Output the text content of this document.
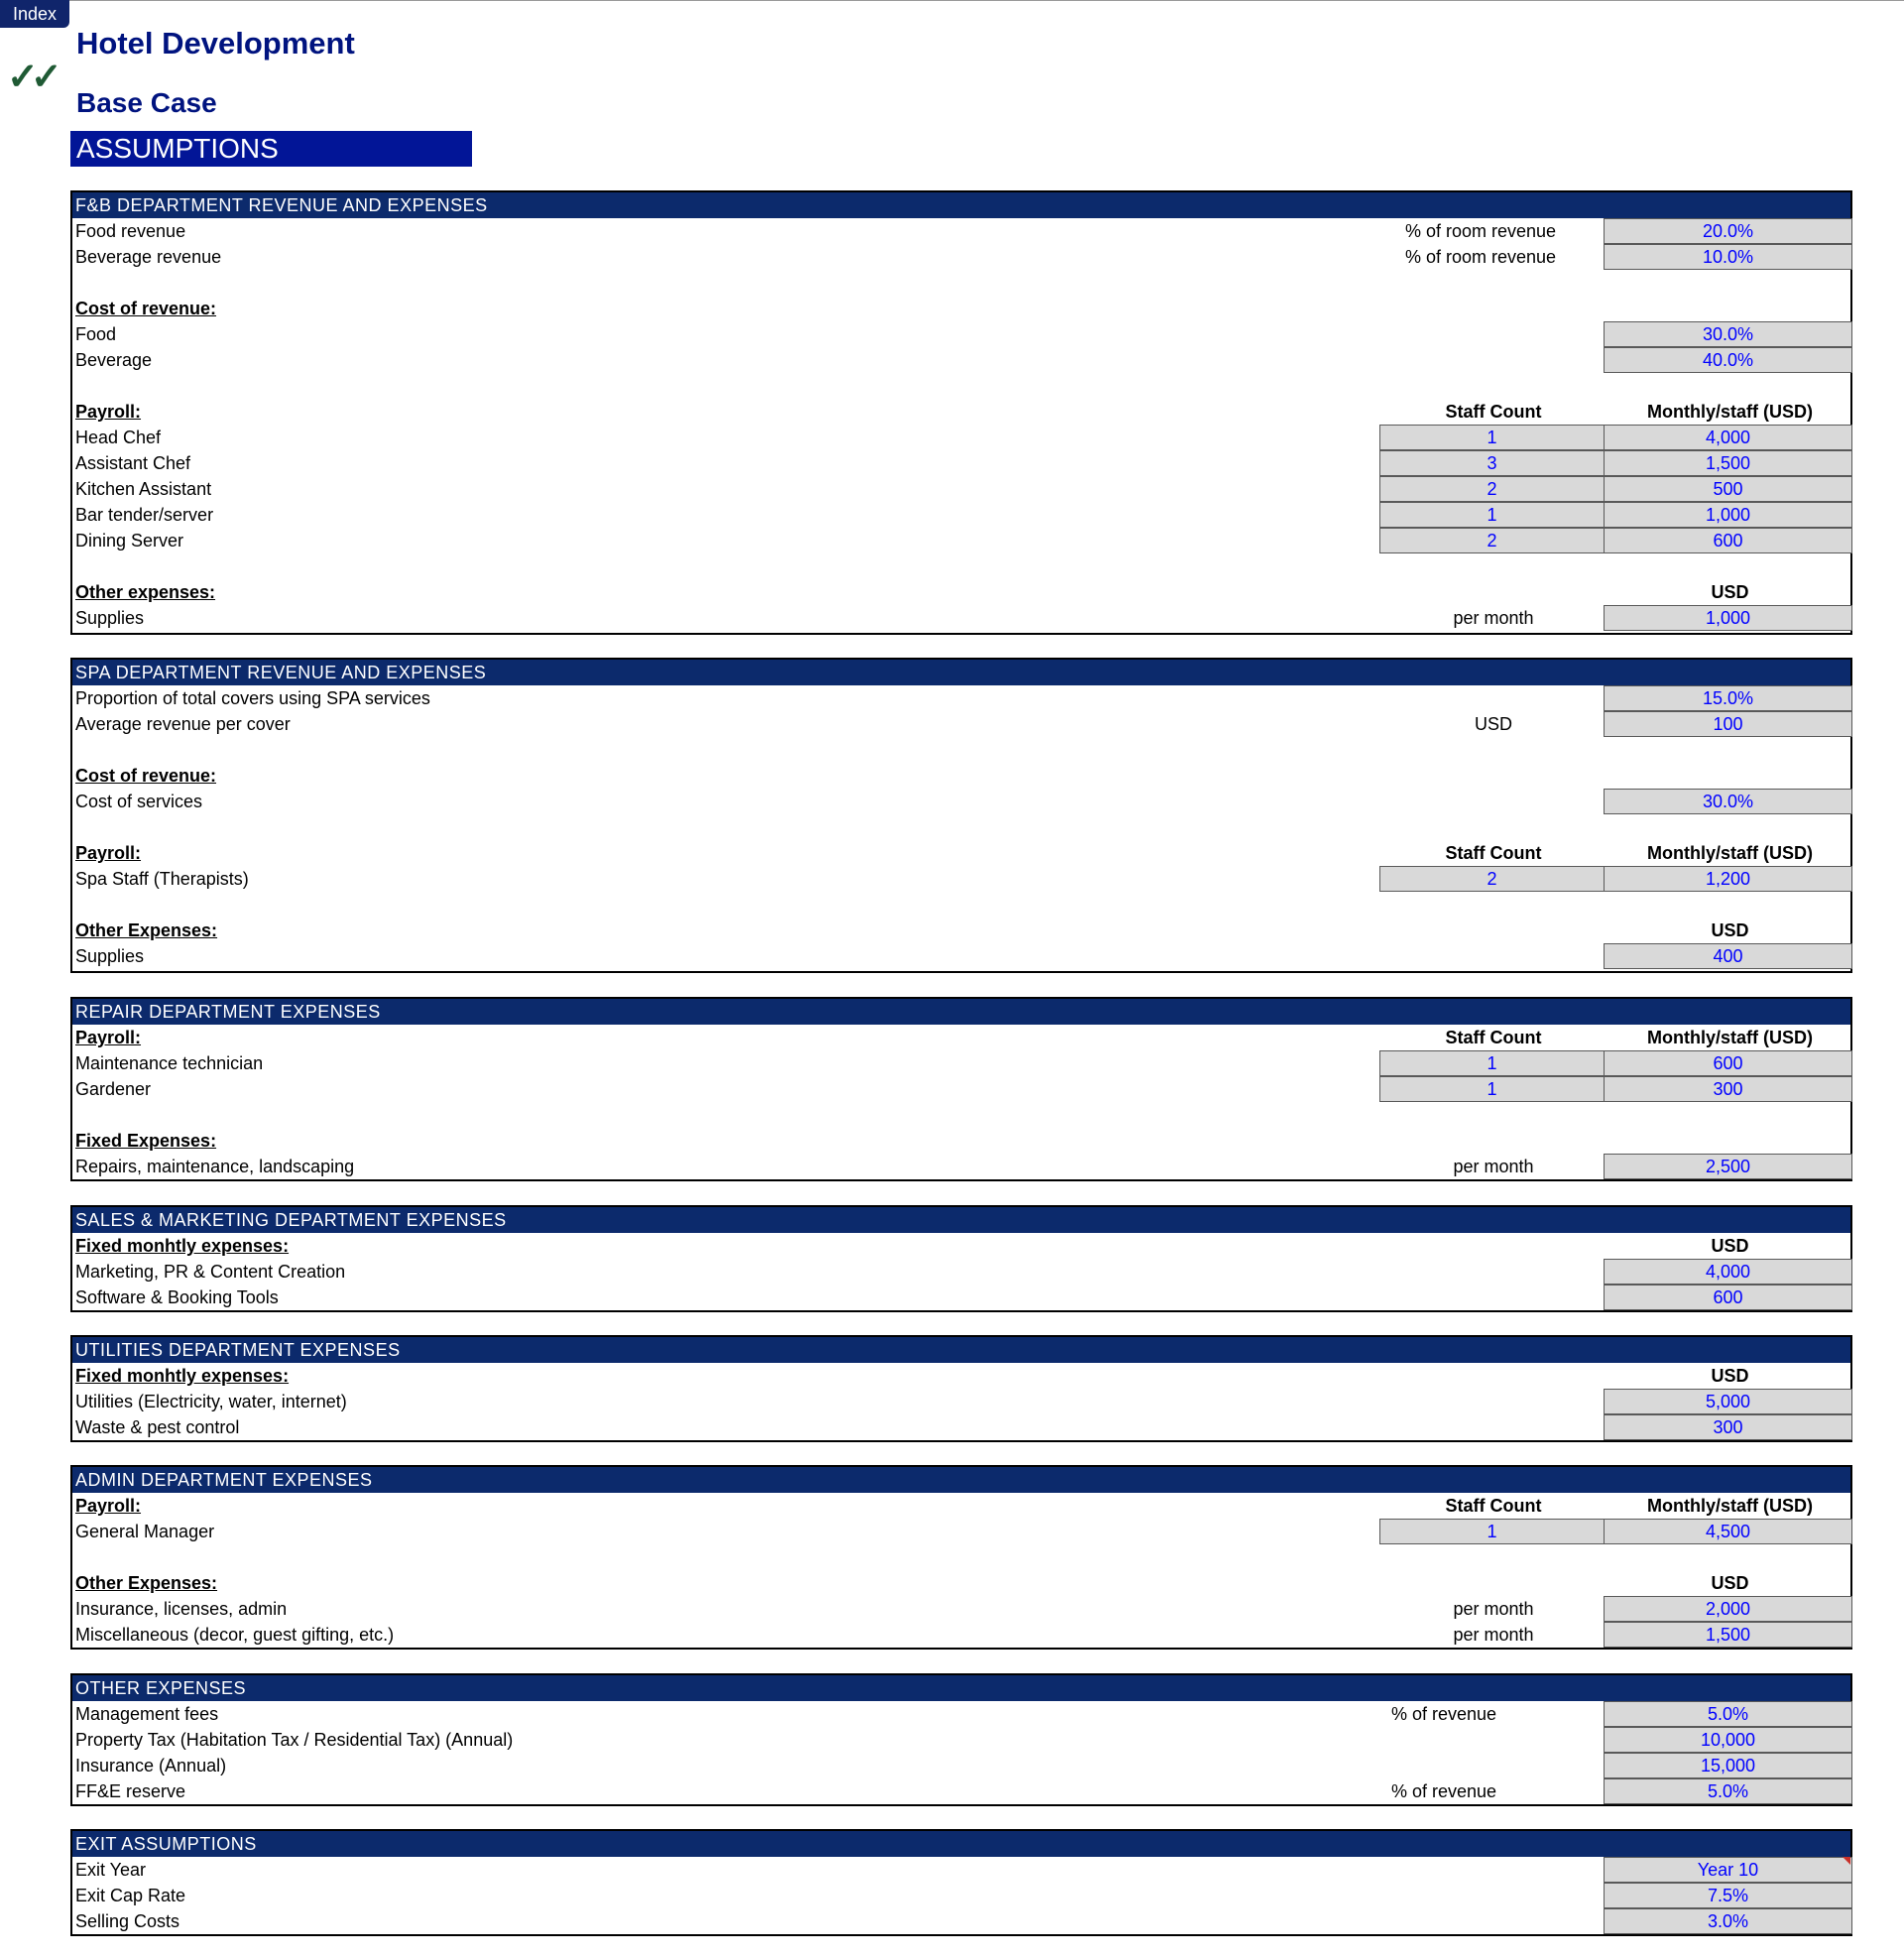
Index
✓✓
Hotel Development
Base Case
ASSUMPTIONS
F&B DEPARTMENT REVENUE AND EXPENSES
Food revenue	% of room revenue	20.0%
Beverage revenue	% of room revenue	10.0%
Cost of revenue:
Food	30.0%
Beverage	40.0%
Payroll:	Staff Count	Monthly/staff (USD)
Head Chef	1	4,000
Assistant Chef	3	1,500
Kitchen Assistant	2	500
Bar tender/server	1	1,000
Dining Server	2	600
Other expenses:	USD
Supplies	per month	1,000
SPA DEPARTMENT REVENUE AND EXPENSES
Proportion of total covers using SPA services	15.0%
Average revenue per cover	USD	100
Cost of revenue:
Cost of services	30.0%
Payroll:	Staff Count	Monthly/staff (USD)
Spa Staff (Therapists)	2	1,200
Other Expenses:	USD
Supplies	400
REPAIR DEPARTMENT EXPENSES
Payroll:	Staff Count	Monthly/staff (USD)
Maintenance technician	1	600
Gardener	1	300
Fixed Expenses:
Repairs, maintenance, landscaping	per month	2,500
SALES & MARKETING DEPARTMENT EXPENSES
Fixed monhtly expenses:	USD
Marketing, PR & Content Creation	4,000
Software & Booking Tools	600
UTILITIES DEPARTMENT EXPENSES
Fixed monhtly expenses:	USD
Utilities (Electricity, water, internet)	5,000
Waste & pest control	300
ADMIN DEPARTMENT EXPENSES
Payroll:	Staff Count	Monthly/staff (USD)
General Manager	1	4,500
Other Expenses:	USD
Insurance, licenses, admin	per month	2,000
Miscellaneous (decor, guest gifting, etc.)	per month	1,500
OTHER EXPENSES
Management fees	% of revenue	5.0%
Property Tax (Habitation Tax / Residential Tax) (Annual)	10,000
Insurance (Annual)	15,000
FF&E reserve	% of revenue	5.0%
EXIT ASSUMPTIONS
Exit Year	Year 10
Exit Cap Rate	7.5%
Selling Costs	3.0%
